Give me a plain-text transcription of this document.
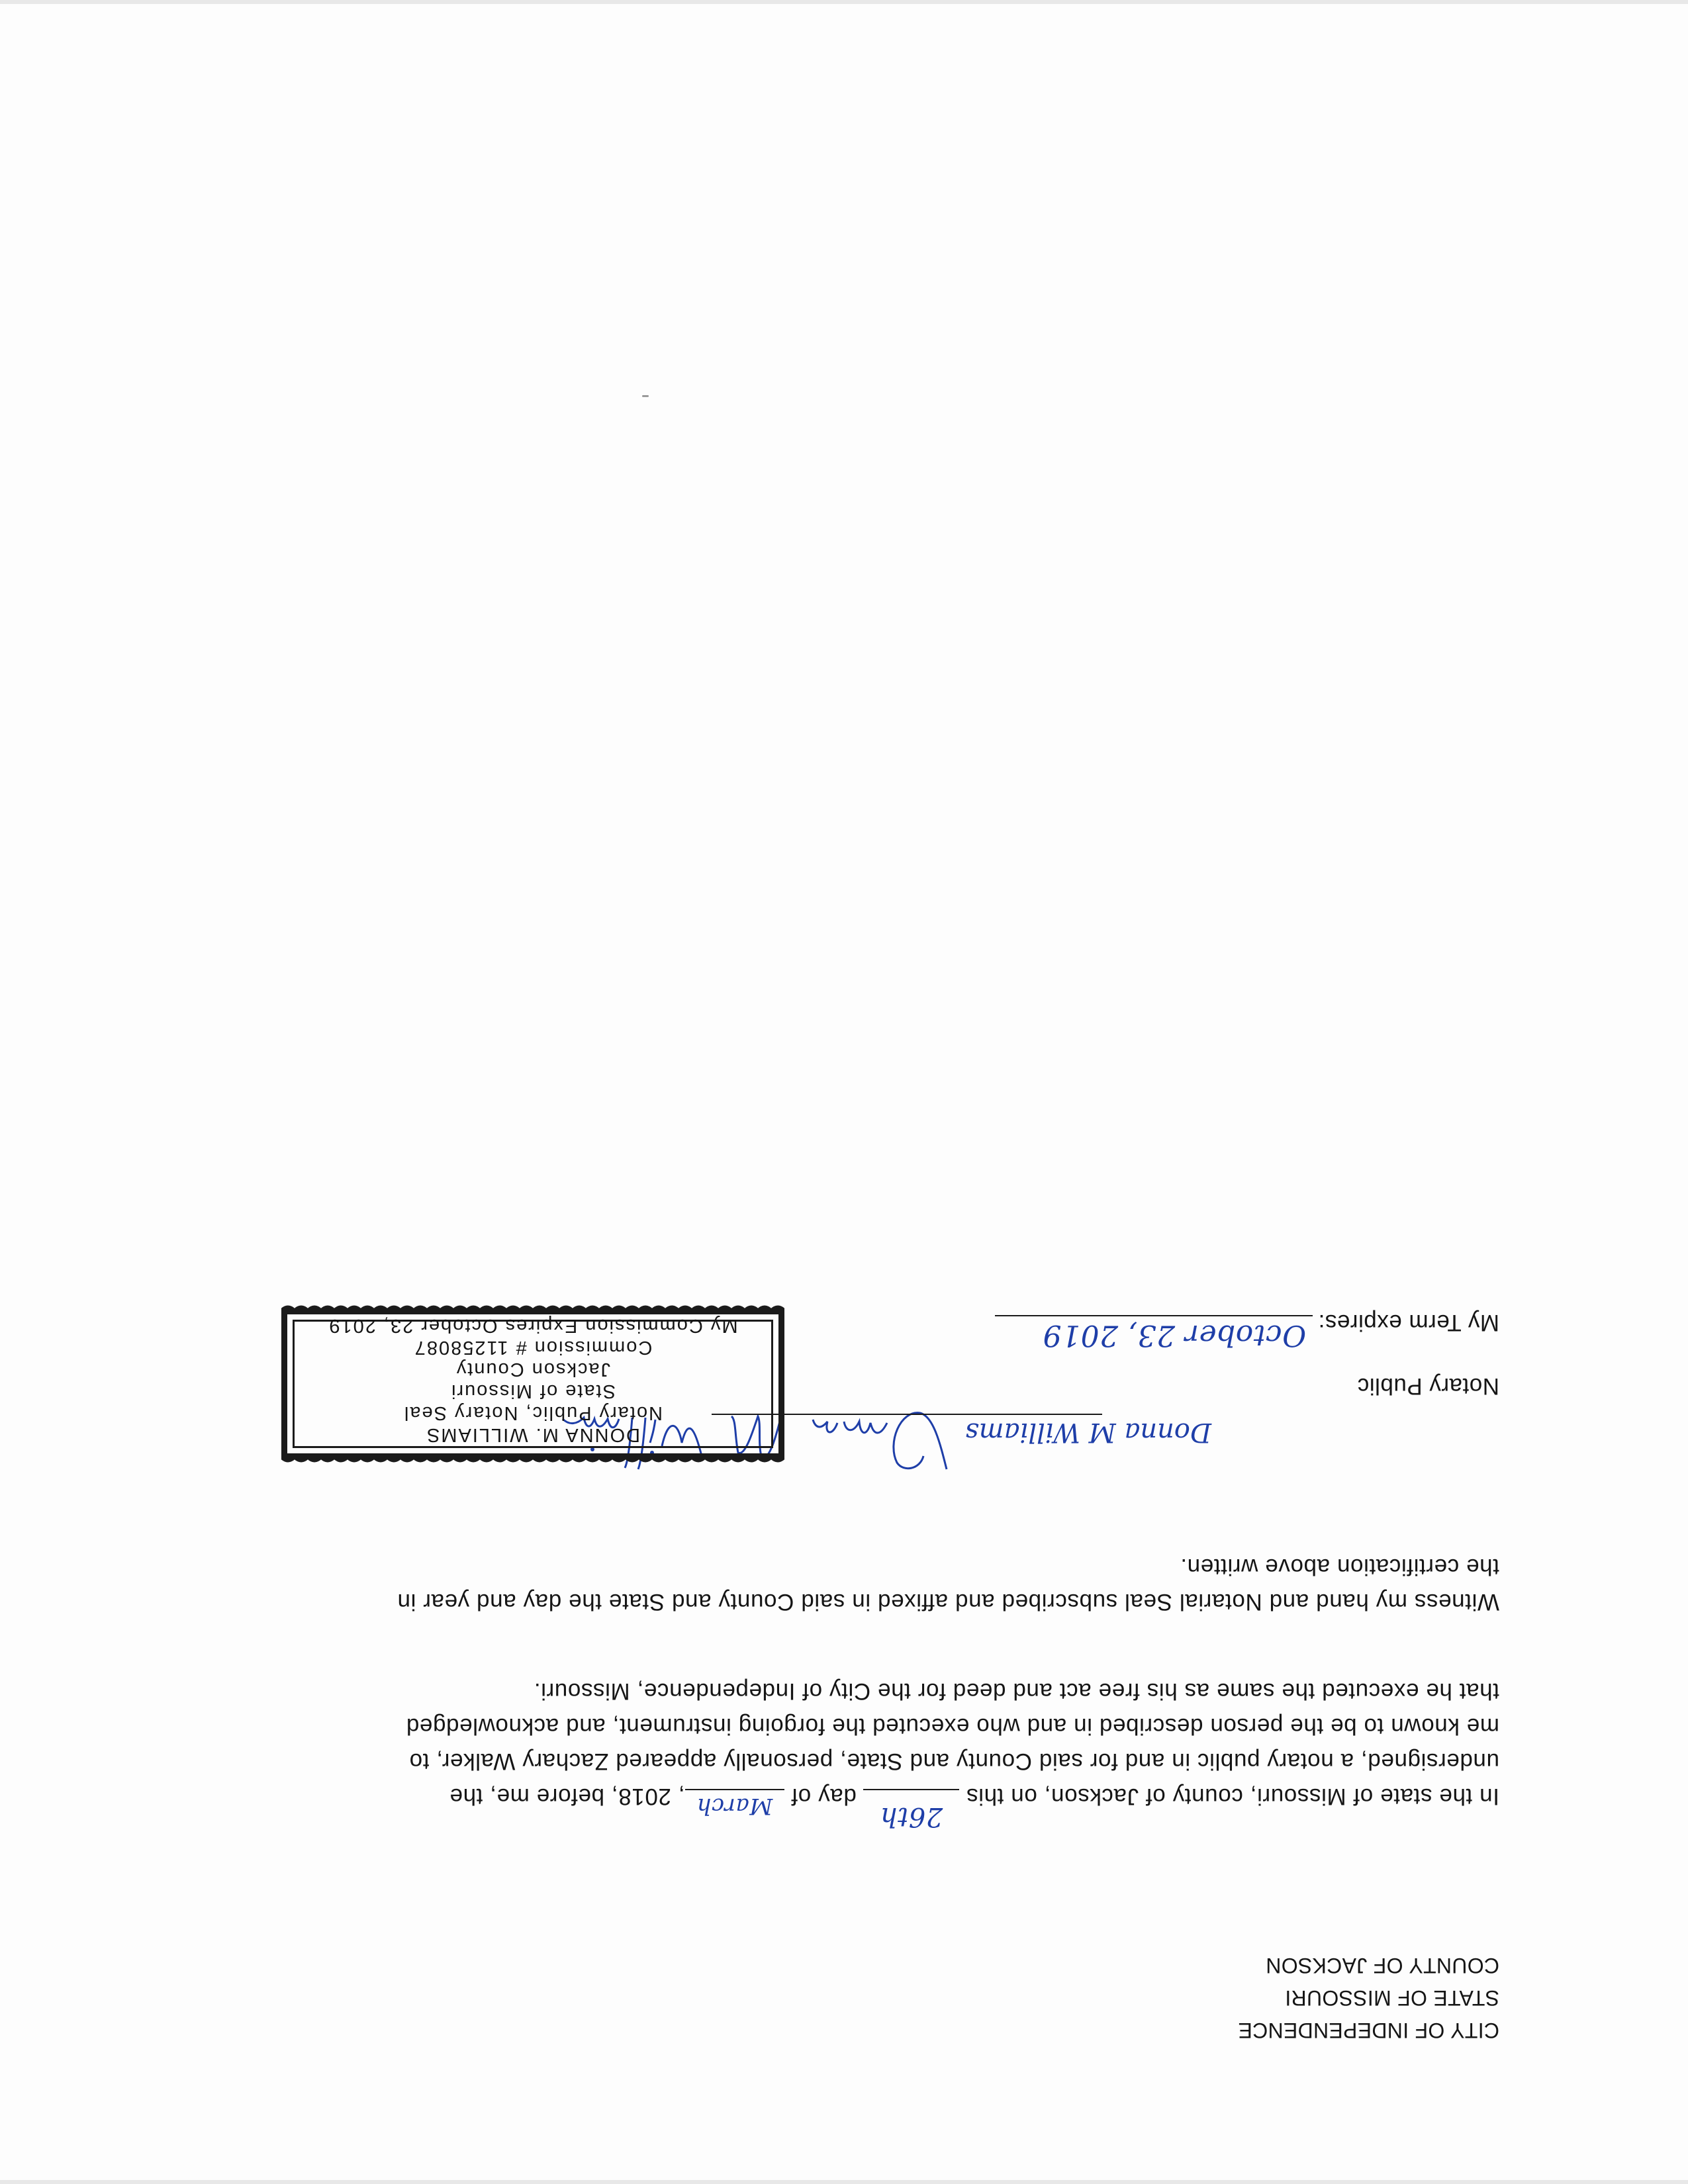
CITY OF INDEPENDENCE
STATE OF MISSOURI
COUNTY OF JACKSON
In the state of Missouri, county of Jackson, on this
26th
day of
March
, 2018, before me, the
undersigned, a notary public in and for said County and State, personally appeared Zachary Walker, to
me known to be the person described in and who executed the forgoing instrument, and acknowledged
that he executed the same as his free act and deed for the City of Independence, Missouri.
Witness my hand and Notarial Seal subscribed and affixed in said County and State the day and year in
the certification above written.
Donna M Williams
Notary Public
My Term expires:
October 23, 2019
DONNA M. WILLIAMS
Notary Public, Notary Seal
State of Missouri
Jackson County
Commission # 11258087
My Commission Expires October 23, 2019
